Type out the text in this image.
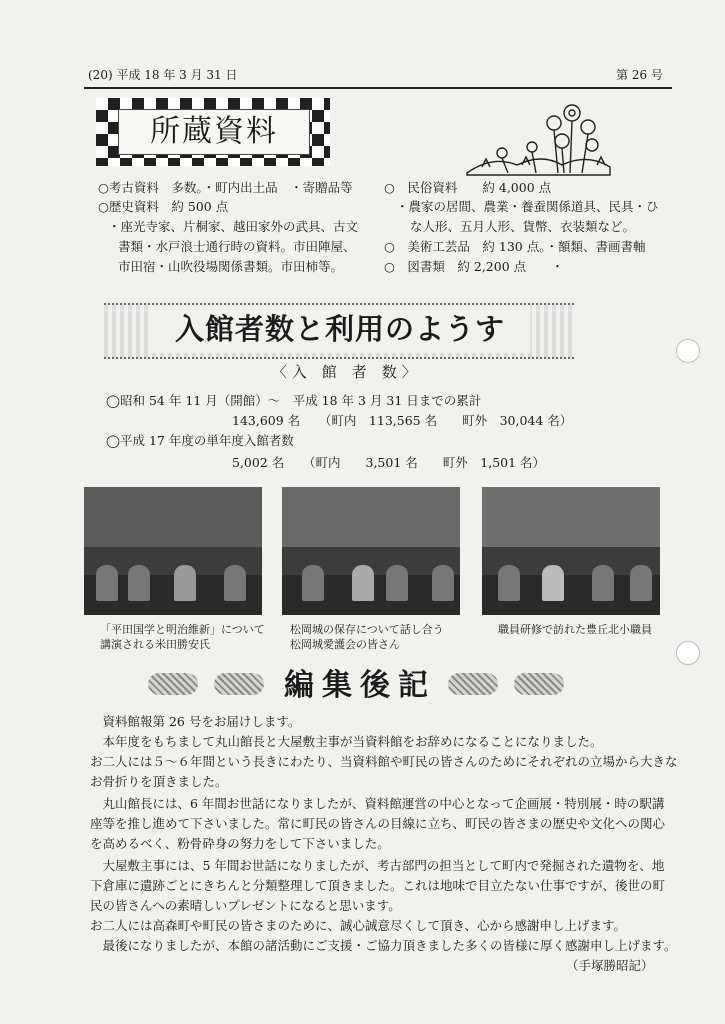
(20) 平成 18 年 3 月 31 日	第 26 号
所蔵資料
○考古資料　多数。・町内出土品　・寄贈品等
○歴史資料　約 500 点
・座光寺家、片桐家、越田家外の武具、古文
書類・水戸浪士通行時の資料。市田陣屋、
市田宿・山吹役場関係書類。市田柿等。
○　民俗資料　　約 4,000 点
・農家の居間、農業・養蚕関係道具、民具・ひ
な人形、五月人形、貨幣、衣装類など。
○　美術工芸品　約 130 点。・額類、書画書軸
○　図書類　約 2,200 点　　・
入館者数と利用のようす
〈 入　館　者　数 〉
◯昭和 54 年 11 月（開館）～　平成 18 年 3 月 31 日までの累計
143,609 名　　（町内　113,565 名　　町外　30,044 名）
◯平成 17 年度の単年度入館者数
5,002 名　　（町内　　3,501 名　　町外　1,501 名）
「平田国学と明治維新」について
講演される米田勝安氏
松岡城の保存について話し合う
松岡城愛護会の皆さん
職員研修で訪れた豊丘北小職員
編集後記
　資料館報第 26 号をお届けします。
　本年度をもちまして丸山館長と大屋敷主事が当資料館をお辞めになることになりました。
お二人には５～６年間という長きにわたり、当資料館や町民の皆さんのためにそれぞれの立場から大きな
お骨折りを頂きました。
　丸山館長には、6 年間お世話になりましたが、資料館運営の中心となって企画展・特別展・時の駅講
座等を推し進めて下さいました。常に町民の皆さんの目線に立ち、町民の皆さまの歴史や文化への関心
を高めるべく、粉骨砕身の努力をして下さいました。
　大屋敷主事には、5 年間お世話になりましたが、考古部門の担当として町内で発掘された遺物を、地
下倉庫に遺跡ごとにきちんと分類整理して頂きました。これは地味で目立たない仕事ですが、後世の町
民の皆さんへの素晴しいプレゼントになると思います。
お二人には高森町や町民の皆さまのために、誠心誠意尽くして頂き、心から感謝申し上げます。
　最後になりましたが、本館の諸活動にご支援・ご協力頂きました多くの皆様に厚く感謝申し上げます。
（手塚勝昭記）
